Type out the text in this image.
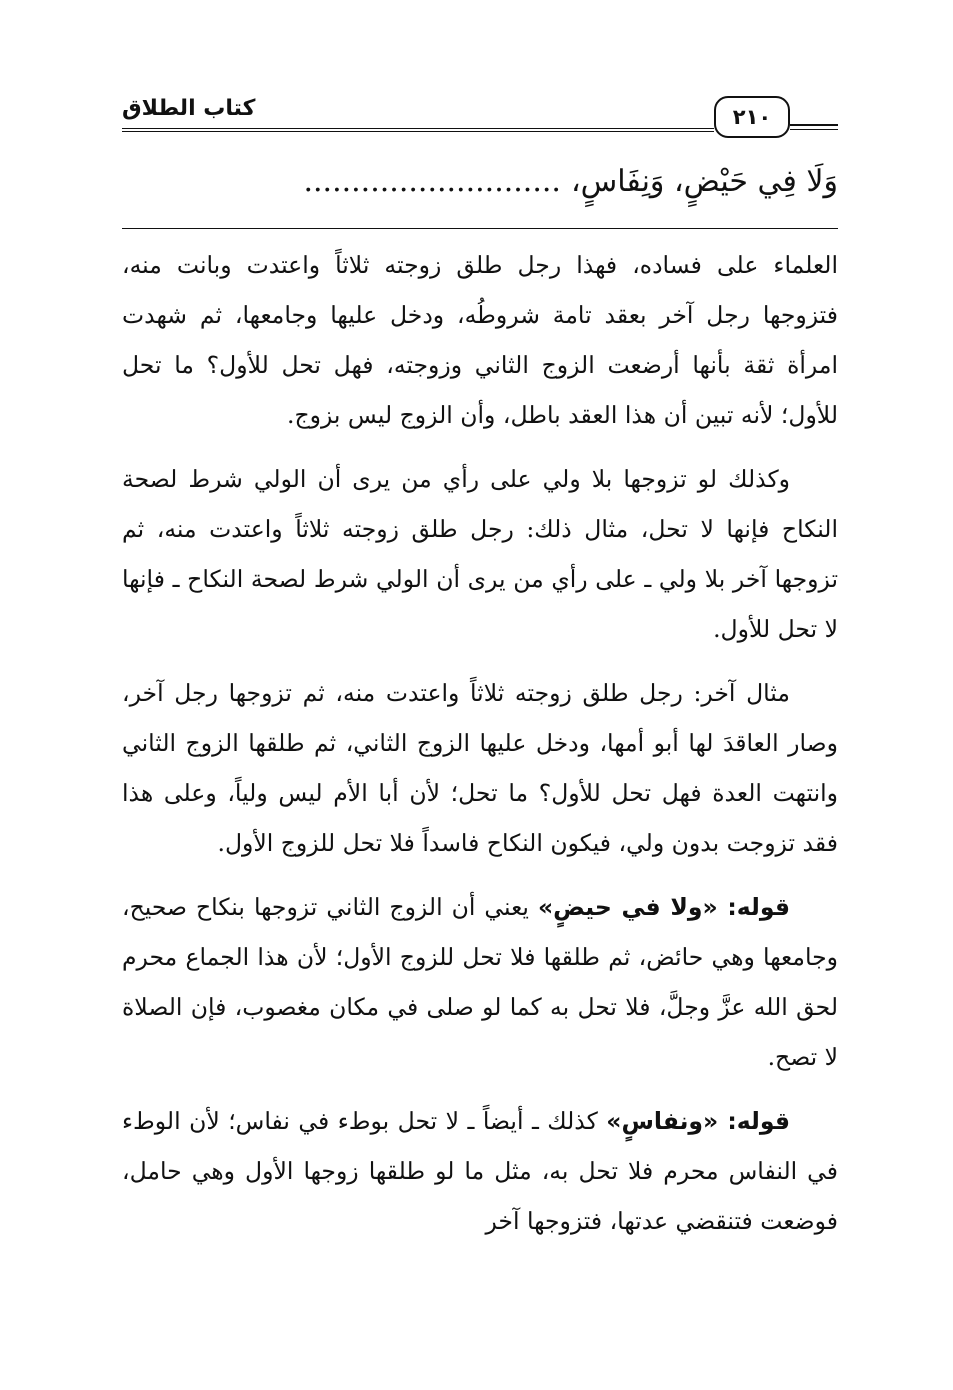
كتاب الطلاق	٢١٠
وَلَا فِي حَيْضٍ، وَنِفَاسٍ،...........................

العلماء على فساده، فهذا رجل طلق زوجته ثلاثاً واعتدت وبانت منه، فتزوجها رجل آخر بعقد تامة شروطُه، ودخل عليها وجامعها، ثم شهدت امرأة ثقة بأنها أرضعت الزوج الثاني وزوجته، فهل تحل للأول؟ ما تحل للأول؛ لأنه تبين أن هذا العقد باطل، وأن الزوج ليس بزوج.

وكذلك لو تزوجها بلا ولي على رأي من يرى أن الولي شرط لصحة النكاح فإنها لا تحل، مثال ذلك: رجل طلق زوجته ثلاثاً واعتدت منه، ثم تزوجها آخر بلا ولي ـ على رأي من يرى أن الولي شرط لصحة النكاح ـ فإنها لا تحل للأول.

مثال آخر: رجل طلق زوجته ثلاثاً واعتدت منه، ثم تزوجها رجل آخر، وصار العاقدَ لها أبو أمها، ودخل عليها الزوج الثاني، ثم طلقها الزوج الثاني وانتهت العدة فهل تحل للأول؟ ما تحل؛ لأن أبا الأم ليس ولياً، وعلى هذا فقد تزوجت بدون ولي، فيكون النكاح فاسداً فلا تحل للزوج الأول.

قوله: «ولا في حيضٍ» يعني أن الزوج الثاني تزوجها بنكاح صحيح، وجامعها وهي حائض، ثم طلقها فلا تحل للزوج الأول؛ لأن هذا الجماع محرم لحق الله عزَّ وجلَّ، فلا تحل به كما لو صلى في مكان مغصوب، فإن الصلاة لا تصح.

قوله: «ونفاسٍ» كذلك ـ أيضاً ـ لا تحل بوطء في نفاس؛ لأن الوطء في النفاس محرم فلا تحل به، مثل ما لو طلقها زوجها الأول وهي حامل، فوضعت فتنقضي عدتها، فتزوجها آخر
